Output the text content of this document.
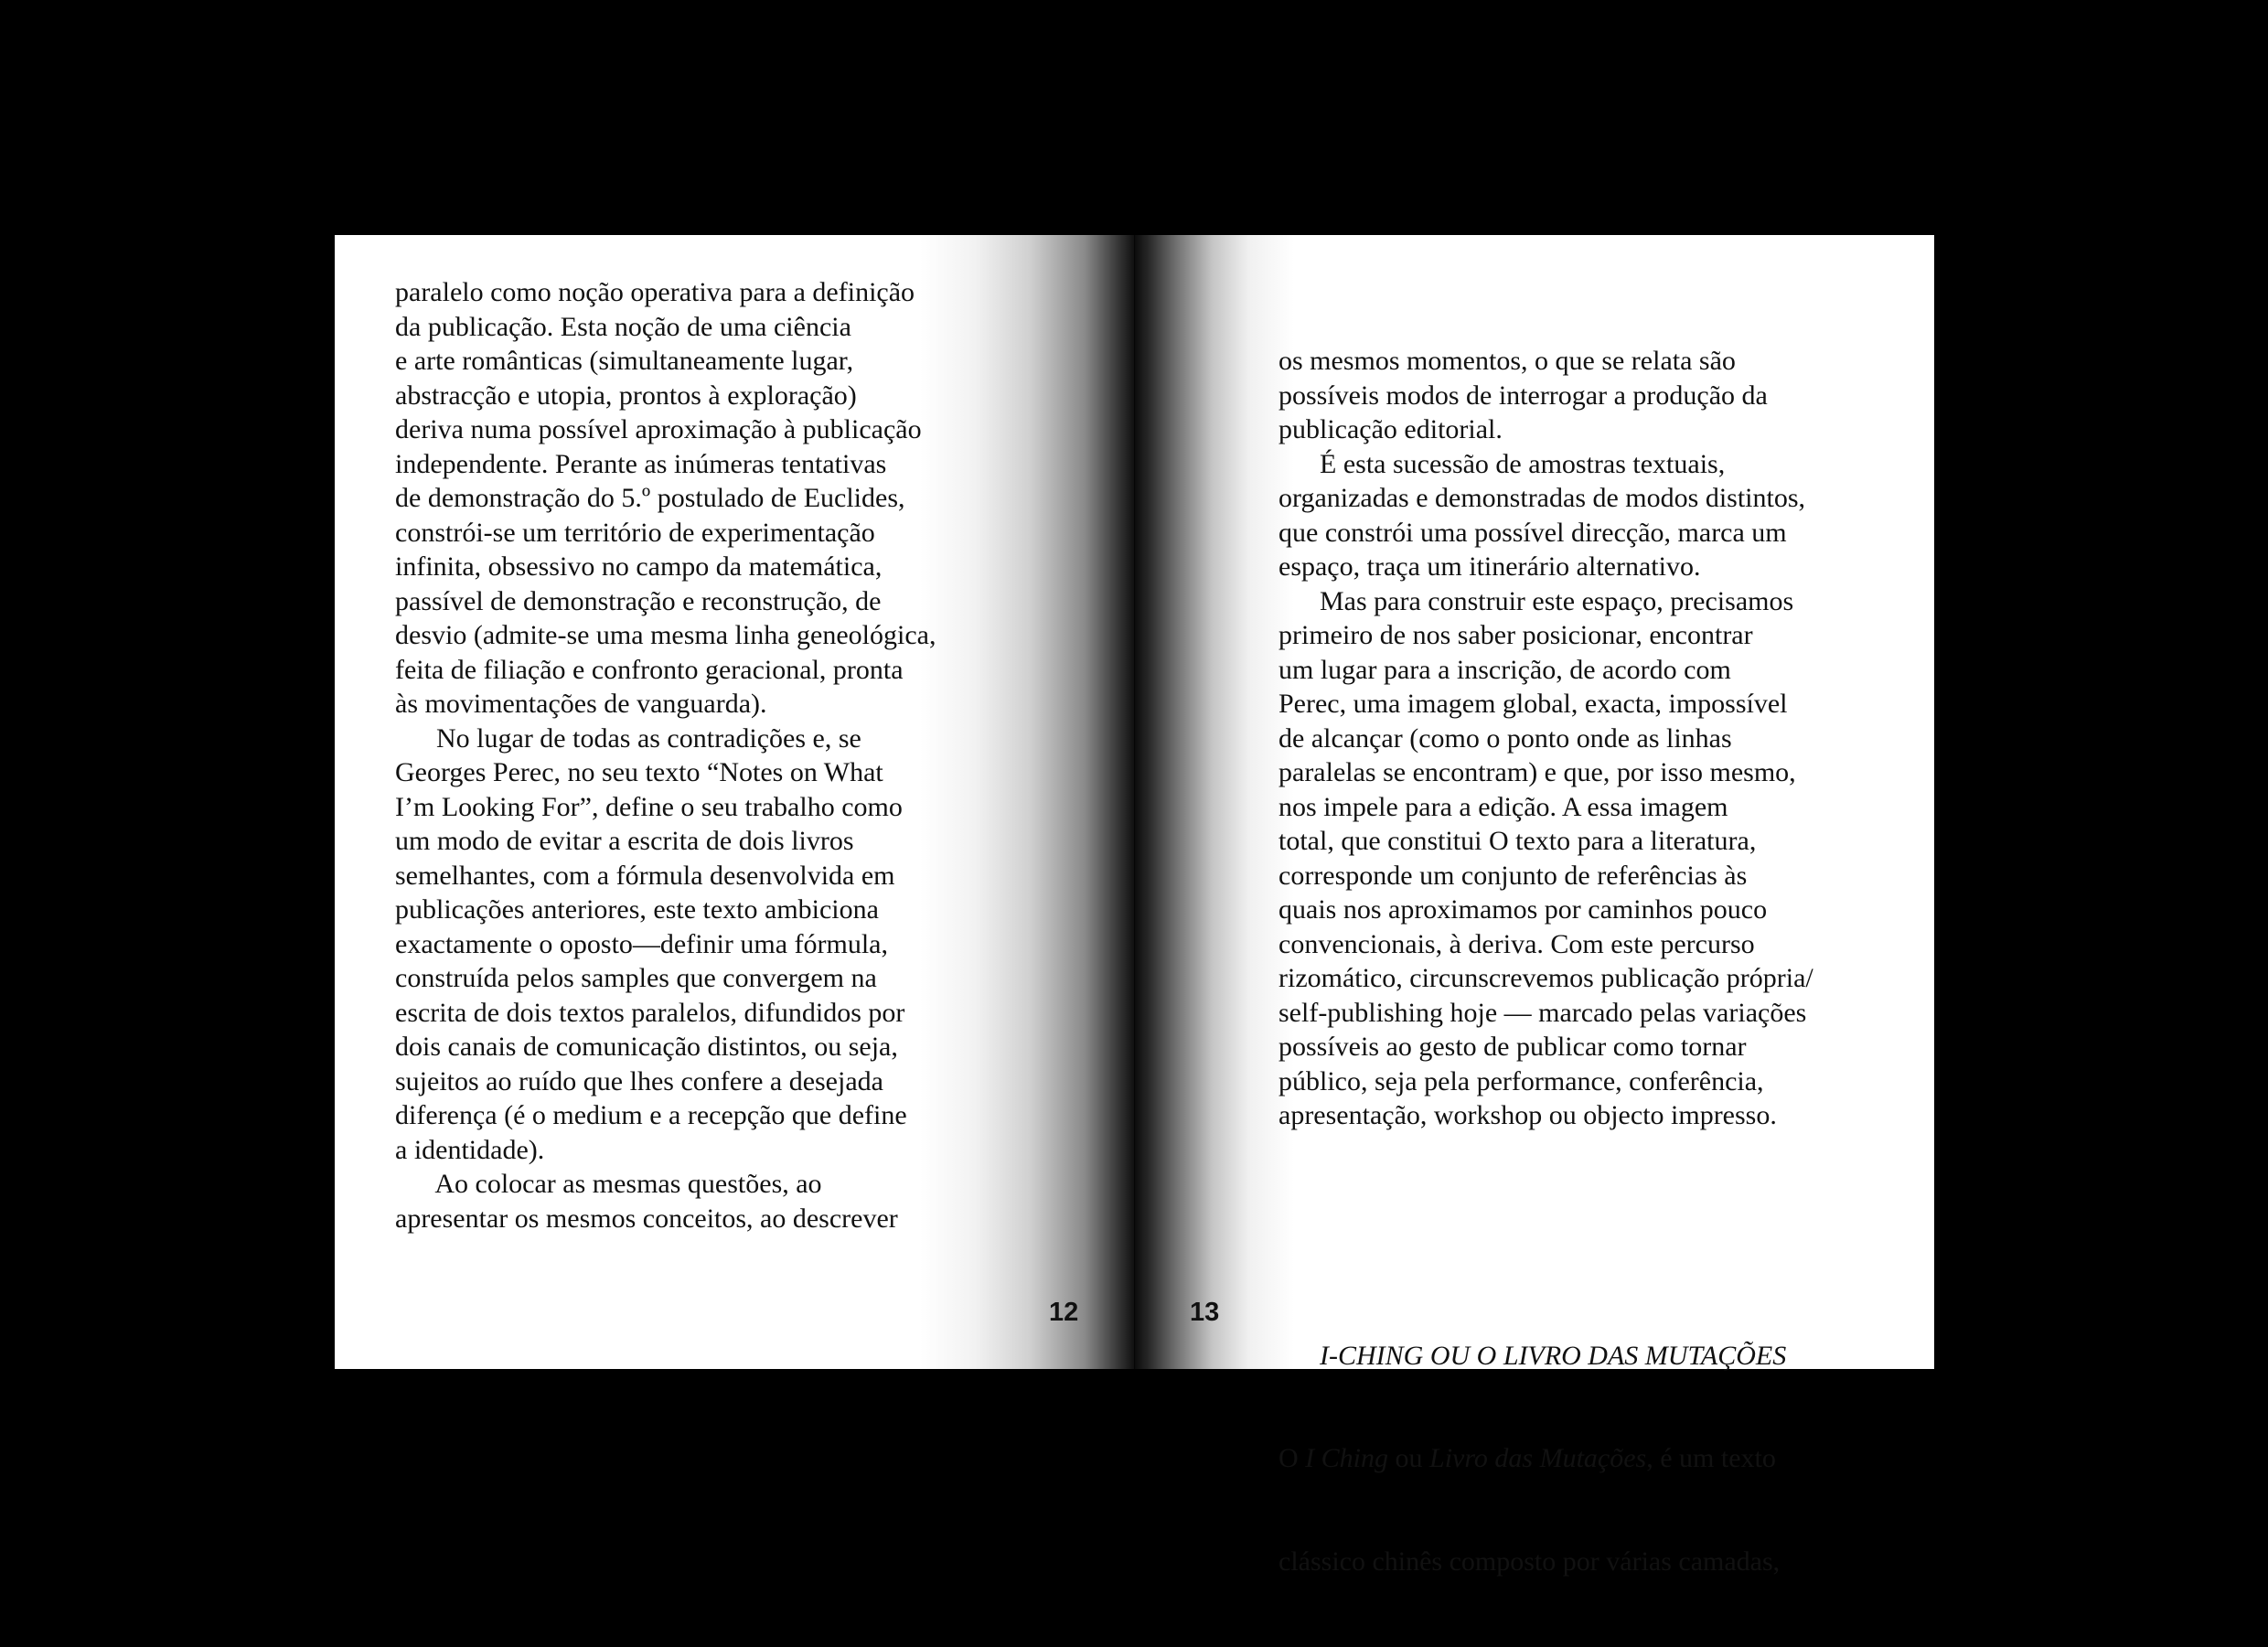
paralelo como noção operativa para a definição
da publicação. Esta noção de uma ciência
e arte românticas (simultaneamente lugar,
abstracção e utopia, prontos à exploração)
deriva numa possível aproximação à publicação
independente. Perante as inúmeras tentativas
de demonstração do 5.º postulado de Euclides,
constrói-se um território de experimentação
infinita, obsessivo no campo da matemática,
passível de demonstração e reconstrução, de
desvio (admite-se uma mesma linha geneológica,
feita de filiação e confronto geracional, pronta
às movimentações de vanguarda).
No lugar de todas as contradições e, se
Georges Perec, no seu texto “Notes on What
I’m Looking For”, define o seu trabalho como
um modo de evitar a escrita de dois livros
semelhantes, com a fórmula desenvolvida em
publicações anteriores, este texto ambiciona
exactamente o oposto—definir uma fórmula,
construída pelos samples que convergem na
escrita de dois textos paralelos, difundidos por
dois canais de comunicação distintos, ou seja,
sujeitos ao ruído que lhes confere a desejada
diferença (é o medium e a recepção que define
a identidade).
Ao colocar as mesmas questões, ao
apresentar os mesmos conceitos, ao descrever
12

os mesmos momentos, o que se relata são
possíveis modos de interrogar a produção da
publicação editorial.
É esta sucessão de amostras textuais,
organizadas e demonstradas de modos distintos,
que constrói uma possível direcção, marca um
espaço, traça um itinerário alternativo.
Mas para construir este espaço, precisamos
primeiro de nos saber posicionar, encontrar
um lugar para a inscrição, de acordo com
Perec, uma imagem global, exacta, impossível
de alcançar (como o ponto onde as linhas
paralelas se encontram) e que, por isso mesmo,
nos impele para a edição. A essa imagem
total, que constitui O texto para a literatura,
corresponde um conjunto de referências às
quais nos aproximamos por caminhos pouco
convencionais, à deriva. Com este percurso
rizomático, circunscrevemos publicação própria/
self-publishing hoje — marcado pelas variações
possíveis ao gesto de publicar como tornar
público, seja pela performance, conferência,
apresentação, workshop ou objecto impresso.

I-CHING OU O LIVRO DAS MUTAÇÕES

O I Ching ou Livro das Mutações, é um texto

clássico chinês composto por várias camadas,

13
